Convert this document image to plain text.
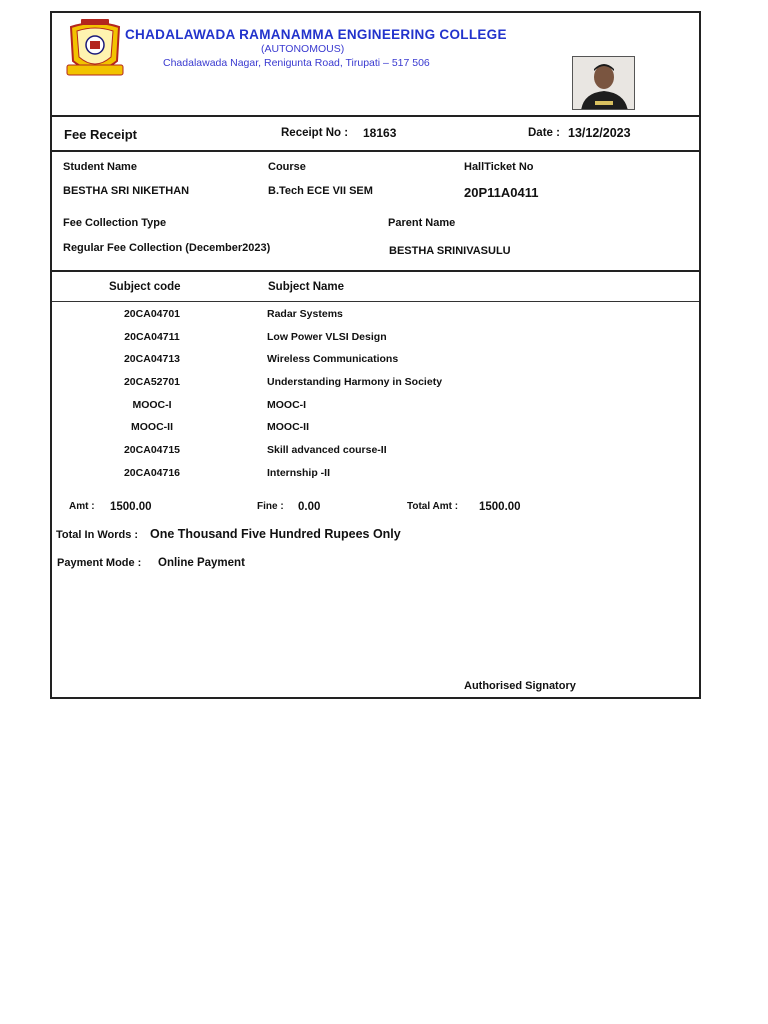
CHADALAWADA RAMANAMMA ENGINEERING COLLEGE
(AUTONOMOUS)
Chadalawada Nagar, Renigunta Road, Tirupati – 517 506
Fee Receipt	Receipt No : 18163	Date : 13/12/2023
Student Name
BESTHA SRI NIKETHAN
Course
B.Tech ECE VII SEM
HallTicket No
20P11A0411
Fee Collection Type
Regular Fee Collection (December2023)
Parent Name
BESTHA SRINIVASULU
Subject code	Subject Name
20CA04701	Radar Systems
20CA04711	Low Power VLSI Design
20CA04713	Wireless Communications
20CA52701	Understanding Harmony in Society
MOOC-I	MOOC-I
MOOC-II	MOOC-II
20CA04715	Skill advanced course-II
20CA04716	Internship -II
Amt : 1500.00	Fine : 0.00	Total Amt : 1500.00
Total In Words : One Thousand Five Hundred Rupees Only
Payment Mode : Online Payment
Authorised Signatory
